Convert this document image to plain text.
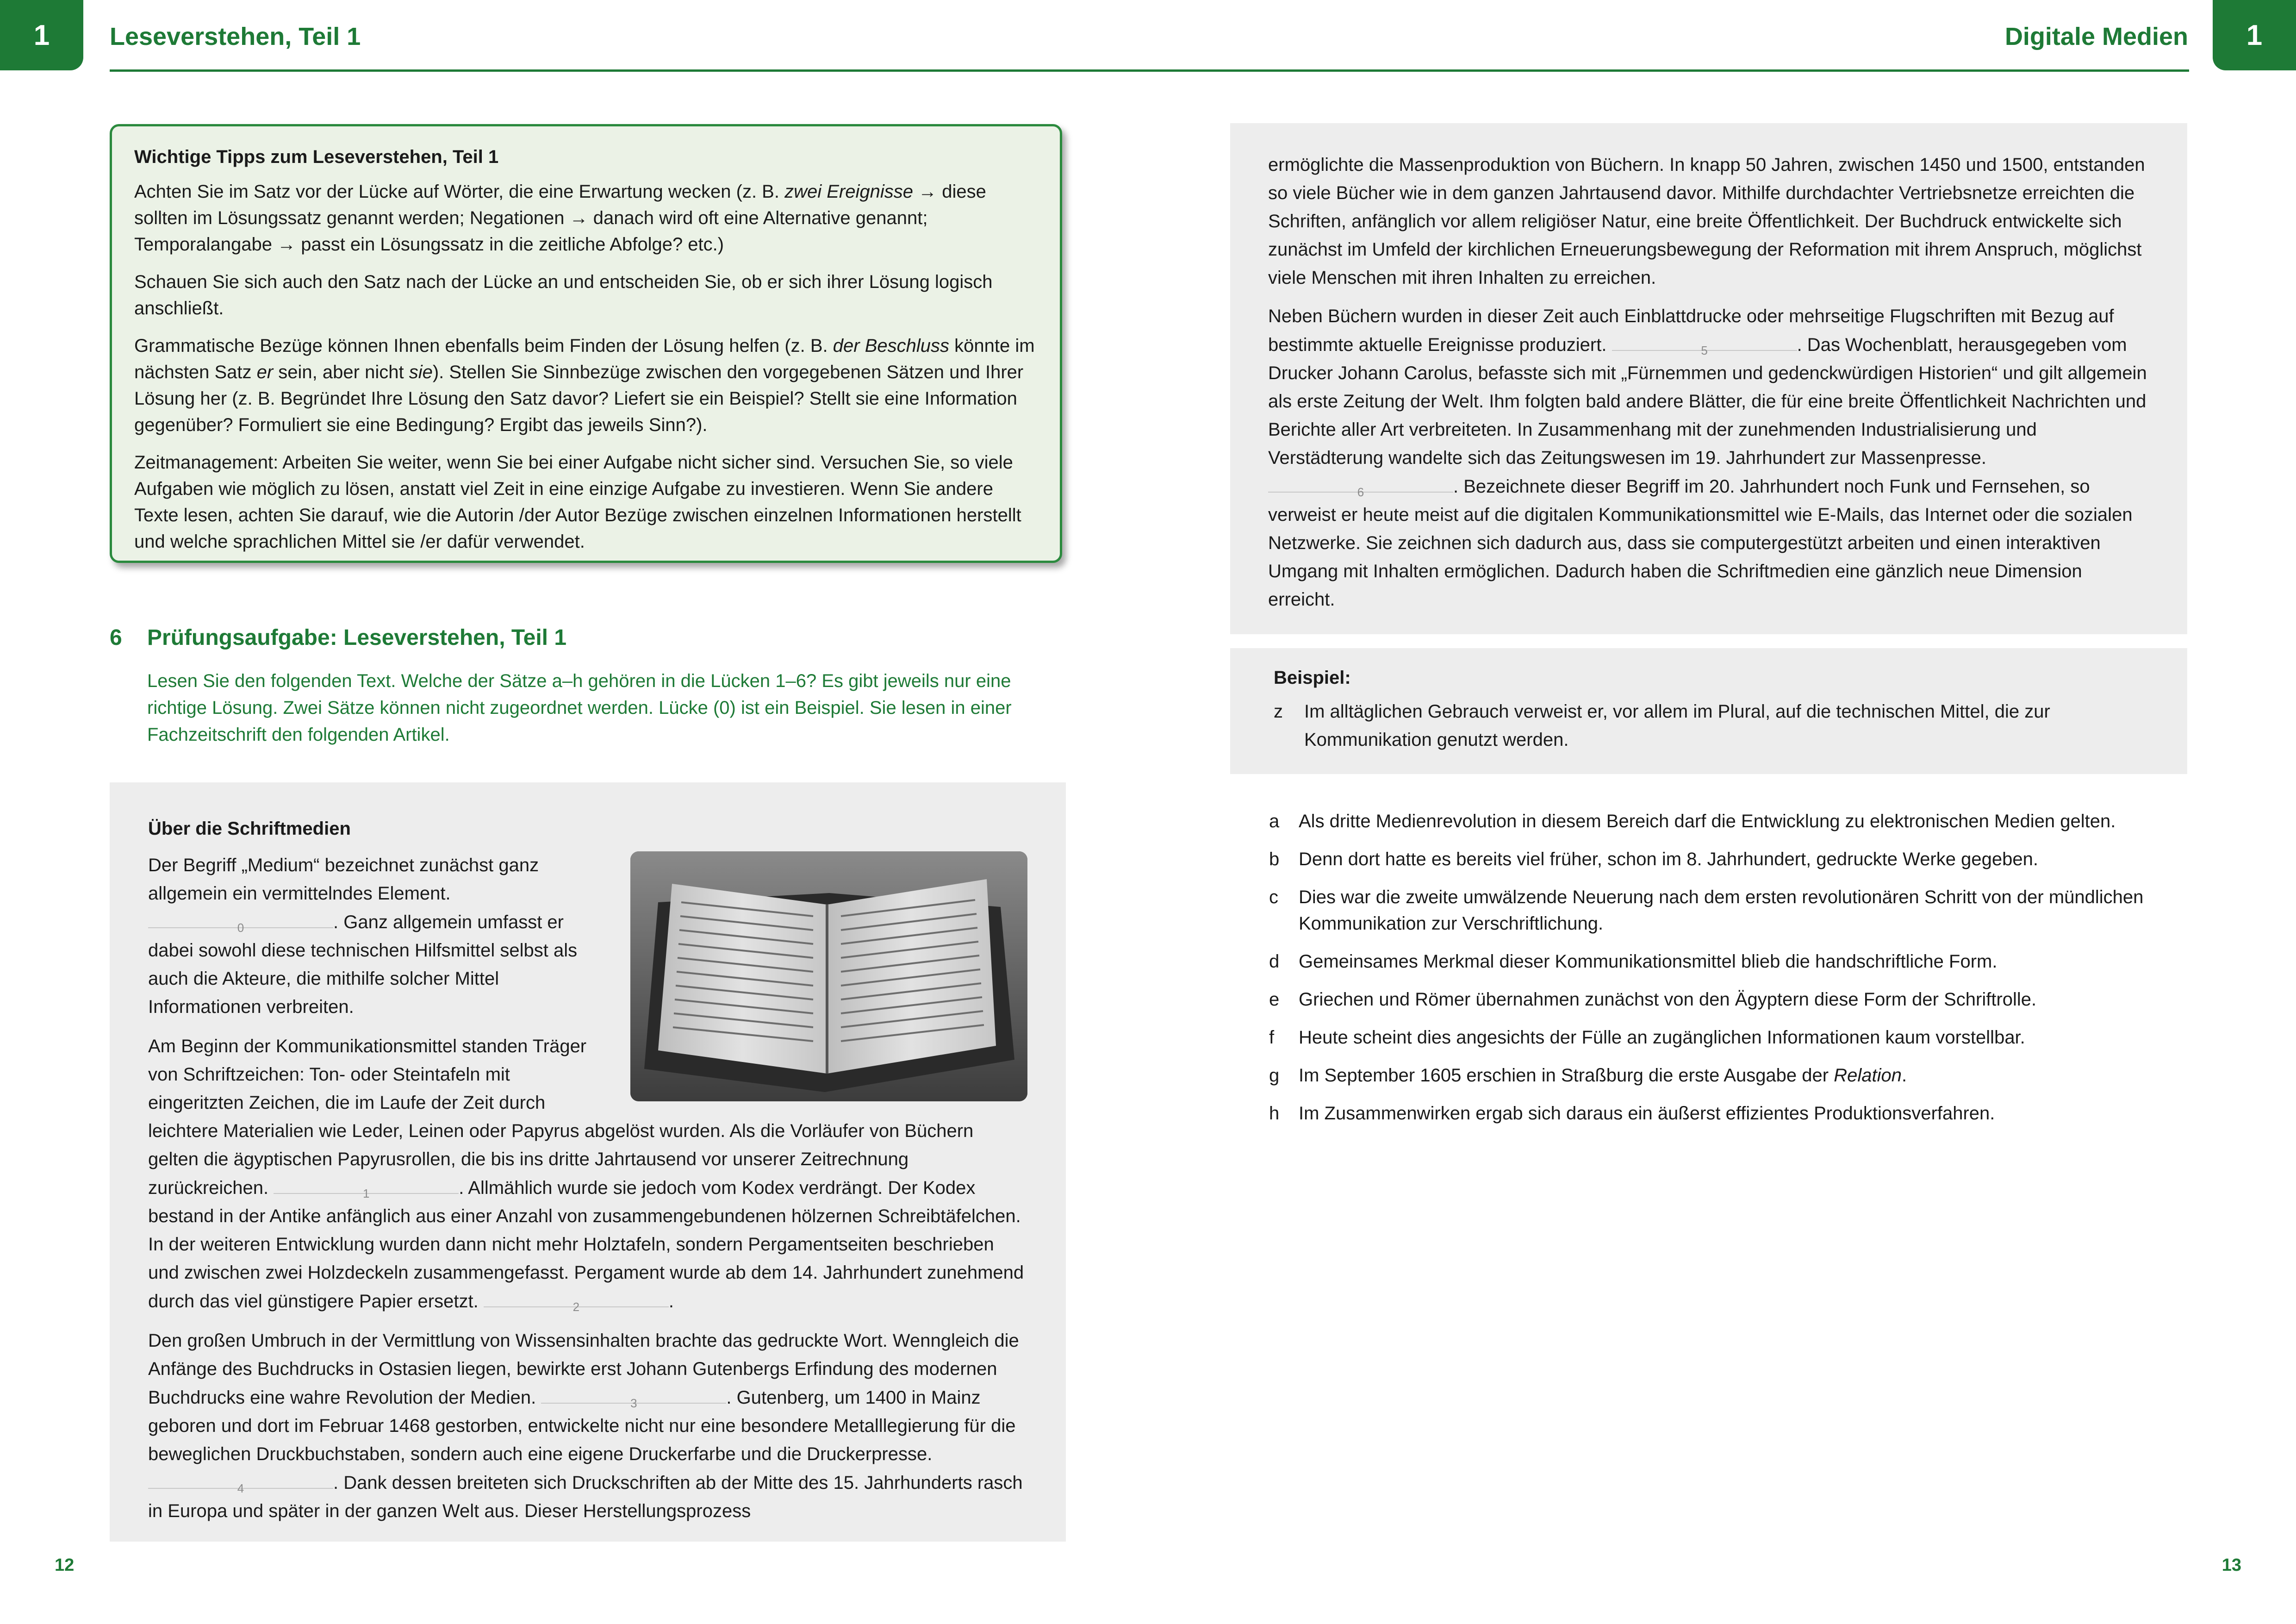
1 Leseverstehen, Teil 1	Digitale Medien 1
Wichtige Tipps zum Leseverstehen, Teil 1

Achten Sie im Satz vor der Lücke auf Wörter, die eine Erwartung wecken (z. B. zwei Ereignisse → diese sollten im Lösungssatz genannt werden; Negationen → danach wird oft eine Alternative genannt; Temporalangabe → passt ein Lösungssatz in die zeitliche Abfolge? etc.)

Schauen Sie sich auch den Satz nach der Lücke an und entscheiden Sie, ob er sich ihrer Lösung logisch anschließt.

Grammatische Bezüge können Ihnen ebenfalls beim Finden der Lösung helfen (z. B. der Beschluss könnte im nächsten Satz er sein, aber nicht sie). Stellen Sie Sinnbezüge zwischen den vorgegebenen Sätzen und Ihrer Lösung her (z. B. Begründet Ihre Lösung den Satz davor? Liefert sie ein Beispiel? Stellt sie eine Information gegenüber? Formuliert sie eine Bedingung? Ergibt das jeweils Sinn?).

Zeitmanagement: Arbeiten Sie weiter, wenn Sie bei einer Aufgabe nicht sicher sind. Versuchen Sie, so viele Aufgaben wie möglich zu lösen, anstatt viel Zeit in eine einzige Aufgabe zu investieren. Wenn Sie andere Texte lesen, achten Sie darauf, wie die Autorin /der Autor Bezüge zwischen einzelnen Informationen herstellt und welche sprachlichen Mittel sie /er dafür verwendet.

6 Prüfungsaufgabe: Leseverstehen, Teil 1
Lesen Sie den folgenden Text. Welche der Sätze a–h gehören in die Lücken 1–6? Es gibt jeweils nur eine richtige Lösung. Zwei Sätze können nicht zugeordnet werden. Lücke (0) ist ein Beispiel. Sie lesen in einer Fachzeitschrift den folgenden Artikel.
Über die Schriftmedien

Der Begriff „Medium“ bezeichnet zunächst ganz allgemein ein vermittelndes Element.
0	. Ganz allgemein umfasst er dabei sowohl diese technischen Hilfsmittel selbst als auch die Akteure, die mithilfe solcher Mittel Informationen verbreiten.

Am Beginn der Kommunikationsmittel standen Träger von Schriftzeichen: Ton- oder Steintafeln mit eingeritzten Zeichen, die im Laufe der Zeit durch leichtere Materialien wie Leder, Leinen oder Papyrus abgelöst wurden. Als die Vorläufer von Büchern gelten die ägyptischen Papyrusrollen, die bis ins dritte Jahrtausend vor unserer Zeitrechnung zurückreichen.	1	. Allmählich wurde sie jedoch vom Kodex verdrängt. Der Kodex bestand in der Antike anfänglich aus einer Anzahl von zusammengebundenen hölzernen Schreibtäfelchen. In der weiteren Entwicklung wurden dann nicht mehr Holztafeln, sondern Pergamentseiten beschrieben und zwischen zwei Holzdeckeln zusammengefasst. Pergament wurde ab dem 14. Jahrhundert zunehmend durch das viel günstigere Papier ersetzt.	2	.

Den großen Umbruch in der Vermittlung von Wissensinhalten brachte das gedruckte Wort. Wenngleich die Anfänge des Buchdrucks in Ostasien liegen, bewirkte erst Johann Gutenbergs Erfindung des modernen Buchdrucks eine wahre Revolution der Medien.	3	. Gutenberg, um 1400 in Mainz geboren und dort im Februar 1468 gestorben, entwickelte nicht nur eine besondere Metalllegierung für die beweglichen Druckbuchstaben, sondern auch eine eigene Druckerfarbe und die Druckerpresse.
4	. Dank dessen breiteten sich Druckschriften ab der Mitte des 15. Jahrhunderts rasch in Europa und später in der ganzen Welt aus. Dieser Herstellungsprozess

ermöglichte die Massenproduktion von Büchern. In knapp 50 Jahren, zwischen 1450 und 1500, entstanden so viele Bücher wie in dem ganzen Jahrtausend davor. Mithilfe durchdachter Vertriebsnetze erreichten die Schriften, anfänglich vor allem religiöser Natur, eine breite Öffentlichkeit. Der Buchdruck entwickelte sich zunächst im Umfeld der kirchlichen Erneuerungsbewegung der Reformation mit ihrem Anspruch, möglichst viele Menschen mit ihren Inhalten zu erreichen.

Neben Büchern wurden in dieser Zeit auch Einblattdrucke oder mehrseitige Flugschriften mit Bezug auf bestimmte aktuelle Ereignisse produziert.	5	. Das Wochenblatt, herausgegeben vom Drucker Johann Carolus, befasste sich mit „Fürnemmen und gedenckwürdigen Historien“ und gilt allgemein als erste Zeitung der Welt. Ihm folgten bald andere Blätter, die für eine breite Öffentlichkeit Nachrichten und Berichte aller Art verbreiteten. In Zusammenhang mit der zunehmenden Industrialisierung und Verstädterung wandelte sich das Zeitungswesen im 19. Jahrhundert zur Massenpresse.
6	. Bezeichnete dieser Begriff im 20. Jahrhundert noch Funk und Fernsehen, so verweist er heute meist auf die digitalen Kommunikationsmittel wie E-Mails, das Internet oder die sozialen Netzwerke. Sie zeichnen sich dadurch aus, dass sie computergestützt arbeiten und einen interaktiven Umgang mit Inhalten ermöglichen. Dadurch haben die Schriftmedien eine gänzlich neue Dimension erreicht.

Beispiel:
z	Im alltäglichen Gebrauch verweist er, vor allem im Plural, auf die technischen Mittel, die zur Kommunikation genutzt werden.
a	Als dritte Medienrevolution in diesem Bereich darf die Entwicklung zu elektronischen Medien gelten.
b	Denn dort hatte es bereits viel früher, schon im 8. Jahrhundert, gedruckte Werke gegeben.
c	Dies war die zweite umwälzende Neuerung nach dem ersten revolutionären Schritt von der mündlichen Kommunikation zur Verschriftlichung.
d	Gemeinsames Merkmal dieser Kommunikationsmittel blieb die handschriftliche Form.
e	Griechen und Römer übernahmen zunächst von den Ägyptern diese Form der Schriftrolle.
f	Heute scheint dies angesichts der Fülle an zugänglichen Informationen kaum vorstellbar.
g	Im September 1605 erschien in Straßburg die erste Ausgabe der Relation.
h	Im Zusammenwirken ergab sich daraus ein äußerst effizientes Produktionsverfahren.
12	13
